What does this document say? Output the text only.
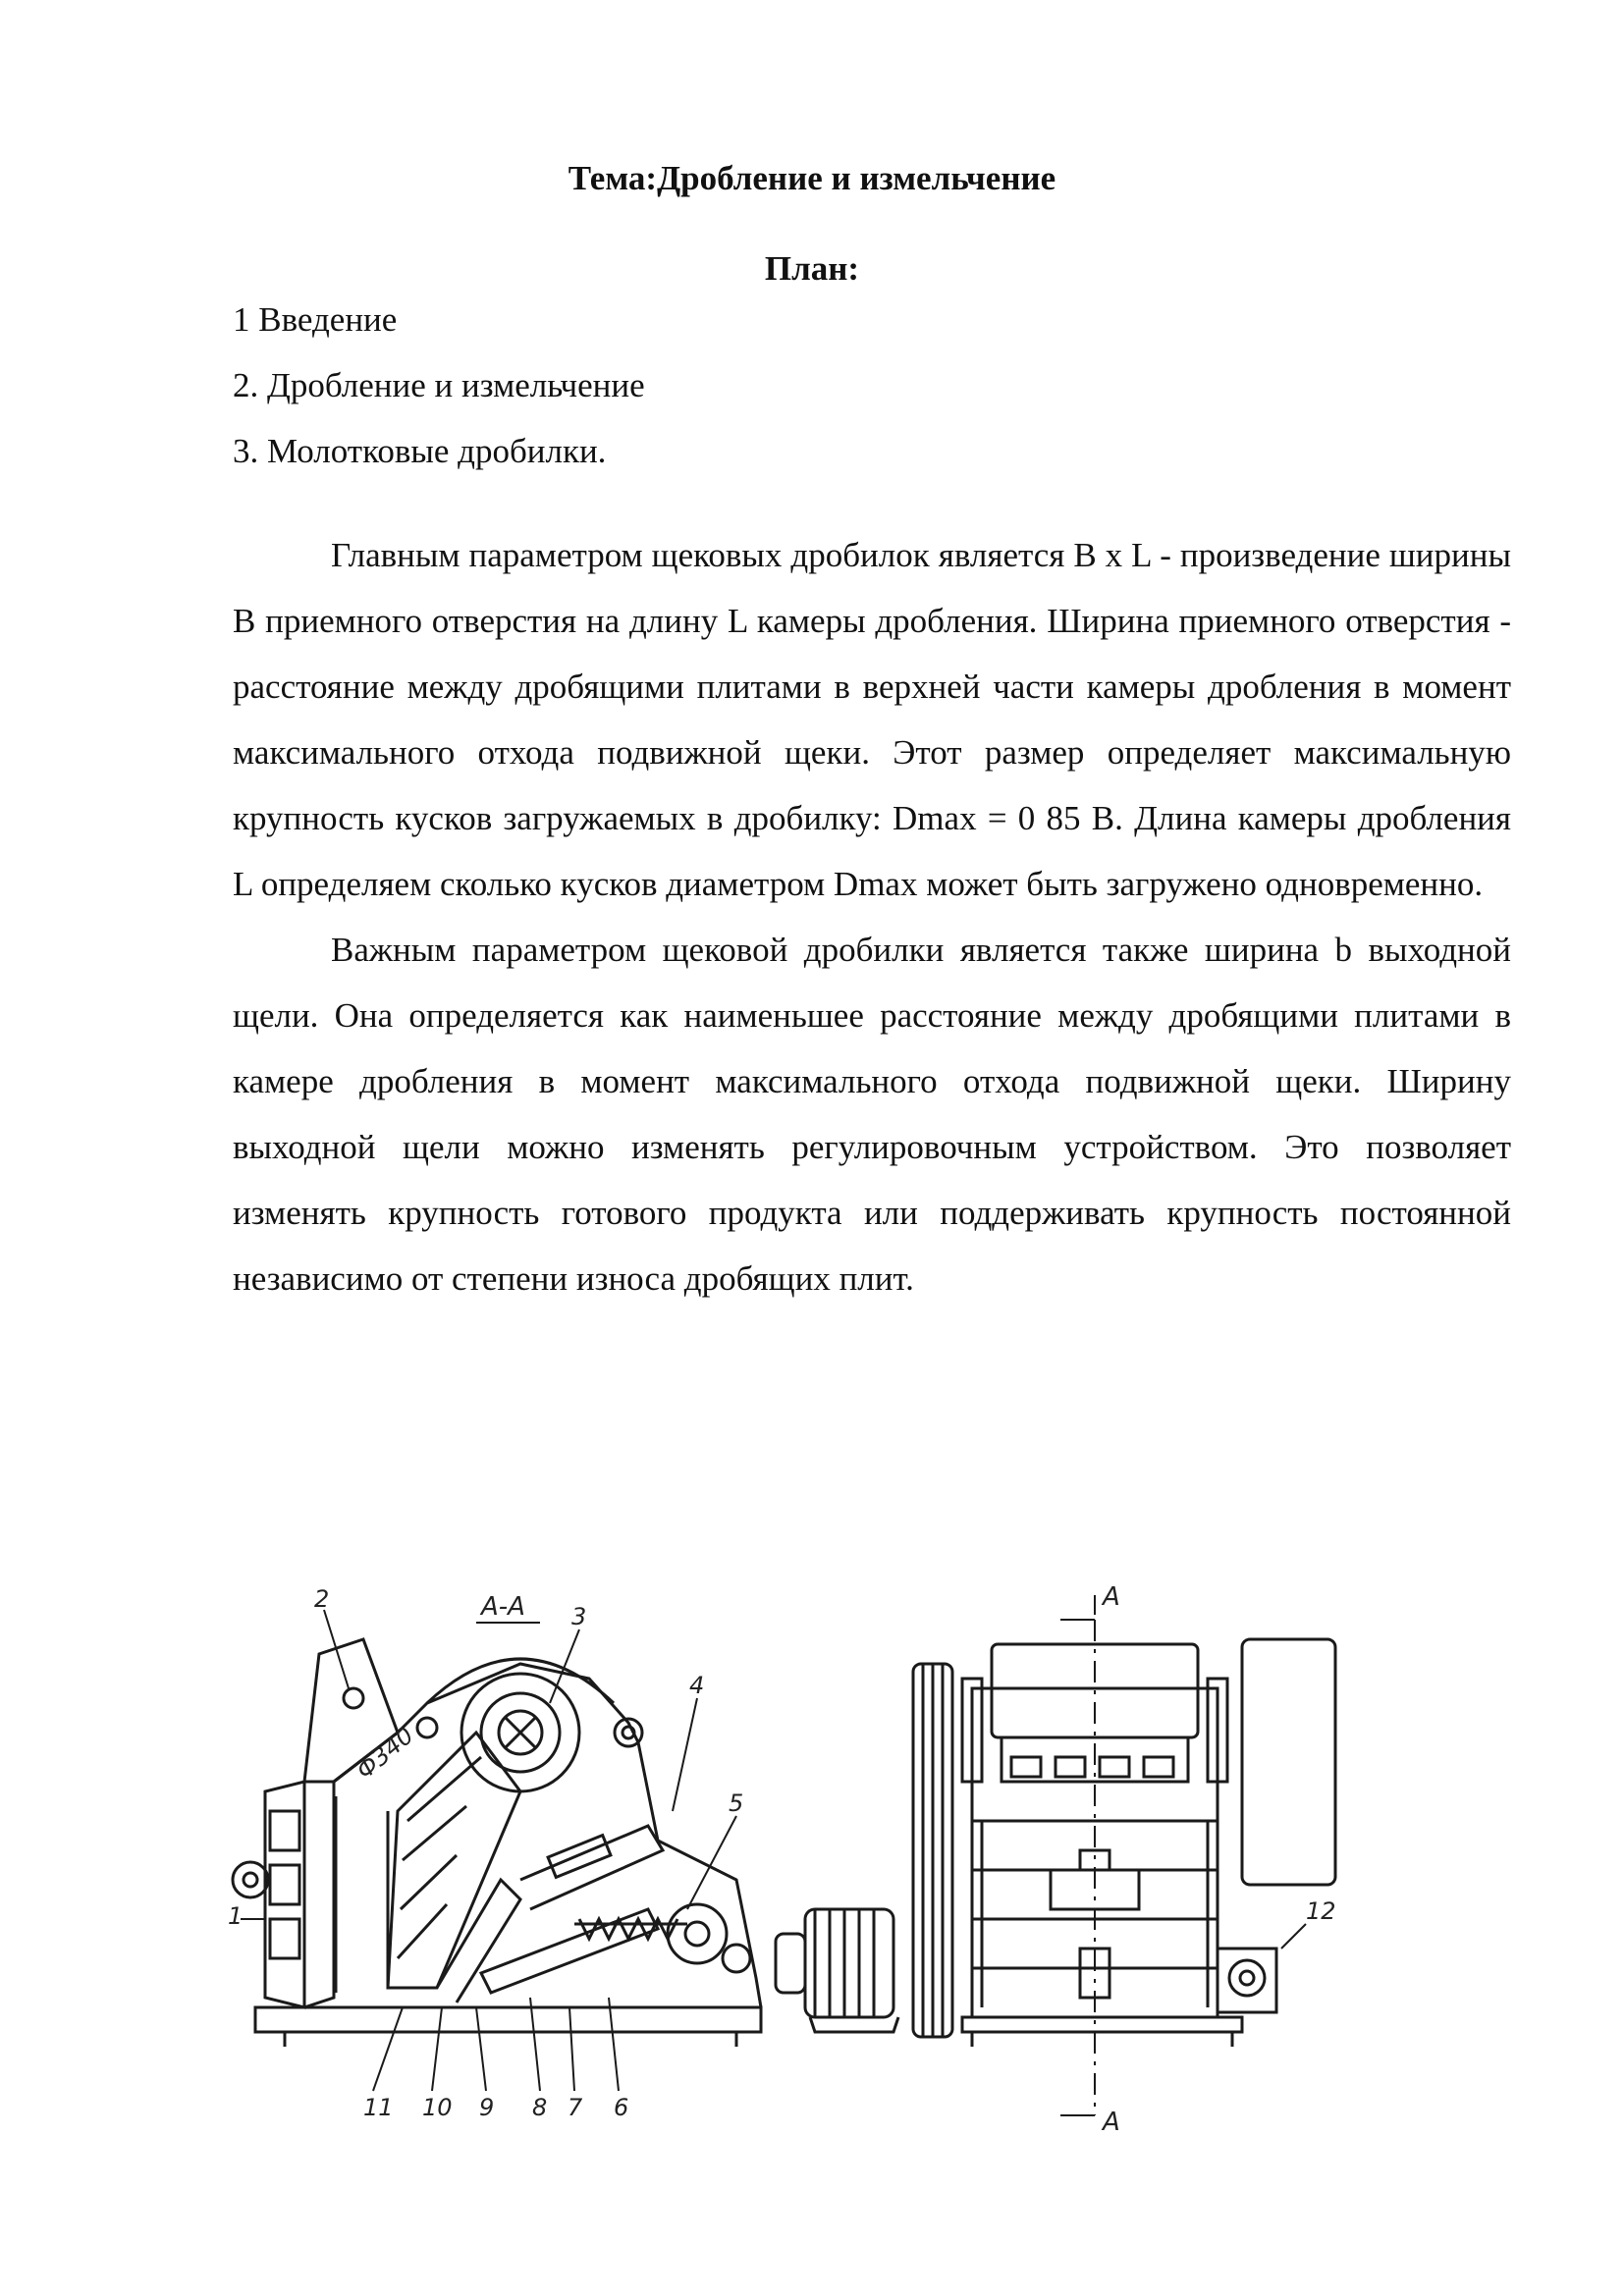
Тема:Дробление и измельчение
План:
1 Введение
2. Дробление и измельчение
3. Молотковые дробилки.

Главным параметром щековых дробилок является B x L - произведение ширины B приемного отверстия на длину L камеры дробления. Ширина приемного отверстия - расстояние между дробящими плитами в верхней части камеры дробления в момент максимального отхода подвижной щеки. Этот размер определяет максимальную крупность кусков загружаемых в дробилку: Dmax = 0 85 B. Длина камеры дробления L определяем сколько кусков диаметром Dmax может быть загружено одновременно.

Важным параметром щековой дробилки является также ширина b выходной щели. Она определяется как наименьшее расстояние между дробящими плитами в камере дробления в момент максимального отхода подвижной щеки. Ширину выходной щели можно изменять регулировочным устройством. Это позволяет изменять крупность готового продукта или поддерживать крупность постоянной независимо от степени износа дробящих плит.

Ф340
А-А 3
2
4
5
1
6
7
8
9
10
11
А
А
12
